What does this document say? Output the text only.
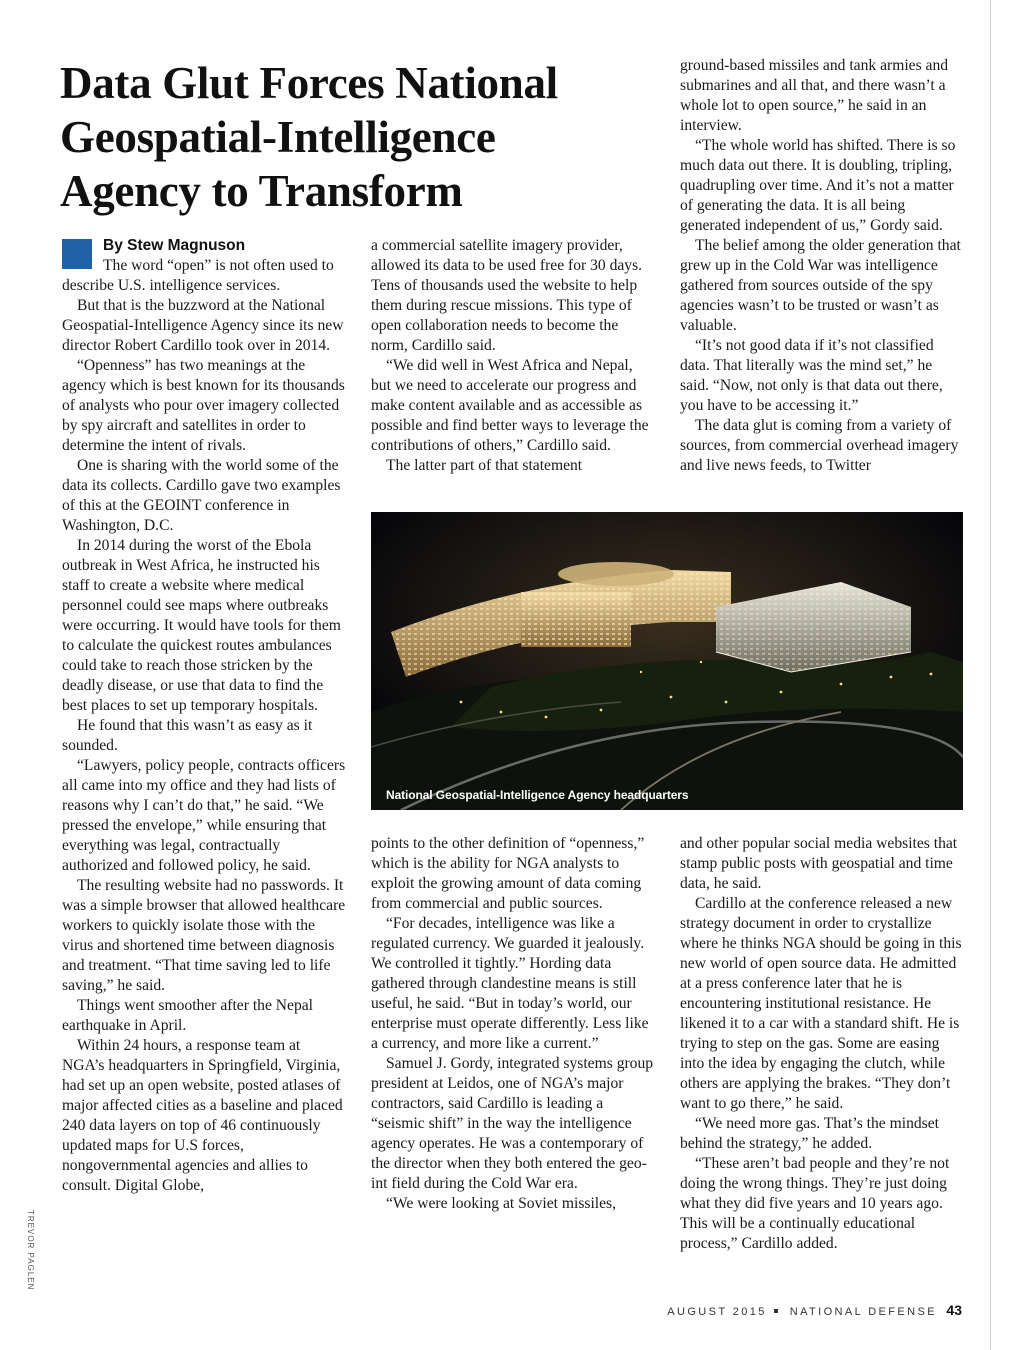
Data Glut Forces National Geospatial-Intelligence Agency to Transform

By Stew Magnuson
The word “open” is not often used to describe U.S. intelligence services.

But that is the buzzword at the National Geospatial-Intelligence Agency since its new director Robert Cardillo took over in 2014.

“Openness” has two meanings at the agency which is best known for its thousands of analysts who pour over imagery collected by spy aircraft and satellites in order to determine the intent of rivals.

One is sharing with the world some of the data its collects. Cardillo gave two examples of this at the GEOINT conference in Washington, D.C.

In 2014 during the worst of the Ebola outbreak in West Africa, he instructed his staff to create a website where medical personnel could see maps where outbreaks were occurring. It would have tools for them to calculate the quickest routes ambulances could take to reach those stricken by the deadly disease, or use that data to find the best places to set up temporary hospitals.

He found that this wasn’t as easy as it sounded.

“Lawyers, policy people, contracts officers all came into my office and they had lists of reasons why I can’t do that,” he said. “We pressed the envelope,” while ensuring that everything was legal, contractually authorized and followed policy, he said.

The resulting website had no passwords. It was a simple browser that allowed healthcare workers to quickly isolate those with the virus and shortened time between diagnosis and treatment. “That time saving led to life saving,” he said.

Things went smoother after the Nepal earthquake in April.

Within 24 hours, a response team at NGA’s headquarters in Springfield, Virginia, had set up an open website, posted atlases of major affected cities as a baseline and placed 240 data layers on top of 46 continuously updated maps for U.S forces, nongovernmental agencies and allies to consult. Digital Globe,

a commercial satellite imagery provider, allowed its data to be used free for 30 days. Tens of thousands used the website to help them during rescue missions. This type of open collaboration needs to become the norm, Cardillo said.

“We did well in West Africa and Nepal, but we need to accelerate our progress and make content available and as accessible as possible and find better ways to leverage the contributions of others,” Cardillo said.

The latter part of that statement

ground-based missiles and tank armies and submarines and all that, and there wasn’t a whole lot to open source,” he said in an interview.

“The whole world has shifted. There is so much data out there. It is doubling, tripling, quadrupling over time. And it’s not a matter of generating the data. It is all being generated independent of us,” Gordy said.

The belief among the older generation that grew up in the Cold War was intelligence gathered from sources outside of the spy agencies wasn’t to be trusted or wasn’t as valuable.

“It’s not good data if it’s not classified data. That literally was the mind set,” he said. “Now, not only is that data out there, you have to be accessing it.”

The data glut is coming from a variety of sources, from commercial overhead imagery and live news feeds, to Twitter

National Geospatial-Intelligence Agency headquarters

points to the other definition of “openness,” which is the ability for NGA analysts to exploit the growing amount of data coming from commercial and public sources.

“For decades, intelligence was like a regulated currency. We guarded it jealously. We controlled it tightly.” Hording data gathered through clandestine means is still useful, he said. “But in today’s world, our enterprise must operate differently. Less like a currency, and more like a current.”

Samuel J. Gordy, integrated systems group president at Leidos, one of NGA’s major contractors, said Cardillo is leading a “seismic shift” in the way the intelligence agency operates. He was a contemporary of the director when they both entered the geo-int field during the Cold War era.

“We were looking at Soviet missiles,

and other popular social media websites that stamp public posts with geospatial and time data, he said.

Cardillo at the conference released a new strategy document in order to crystallize where he thinks NGA should be going in this new world of open source data. He admitted at a press conference later that he is encountering institutional resistance. He likened it to a car with a standard shift. He is trying to step on the gas. Some are easing into the idea by engaging the clutch, while others are applying the brakes. “They don’t want to go there,” he said.

“We need more gas. That’s the mindset behind the strategy,” he added.

“These aren’t bad people and they’re not doing the wrong things. They’re just doing what they did five years and 10 years ago. This will be a continually educational process,” Cardillo added.

TREVOR PAGLEN
AUGUST 2015 NATIONAL DEFENSE 43
